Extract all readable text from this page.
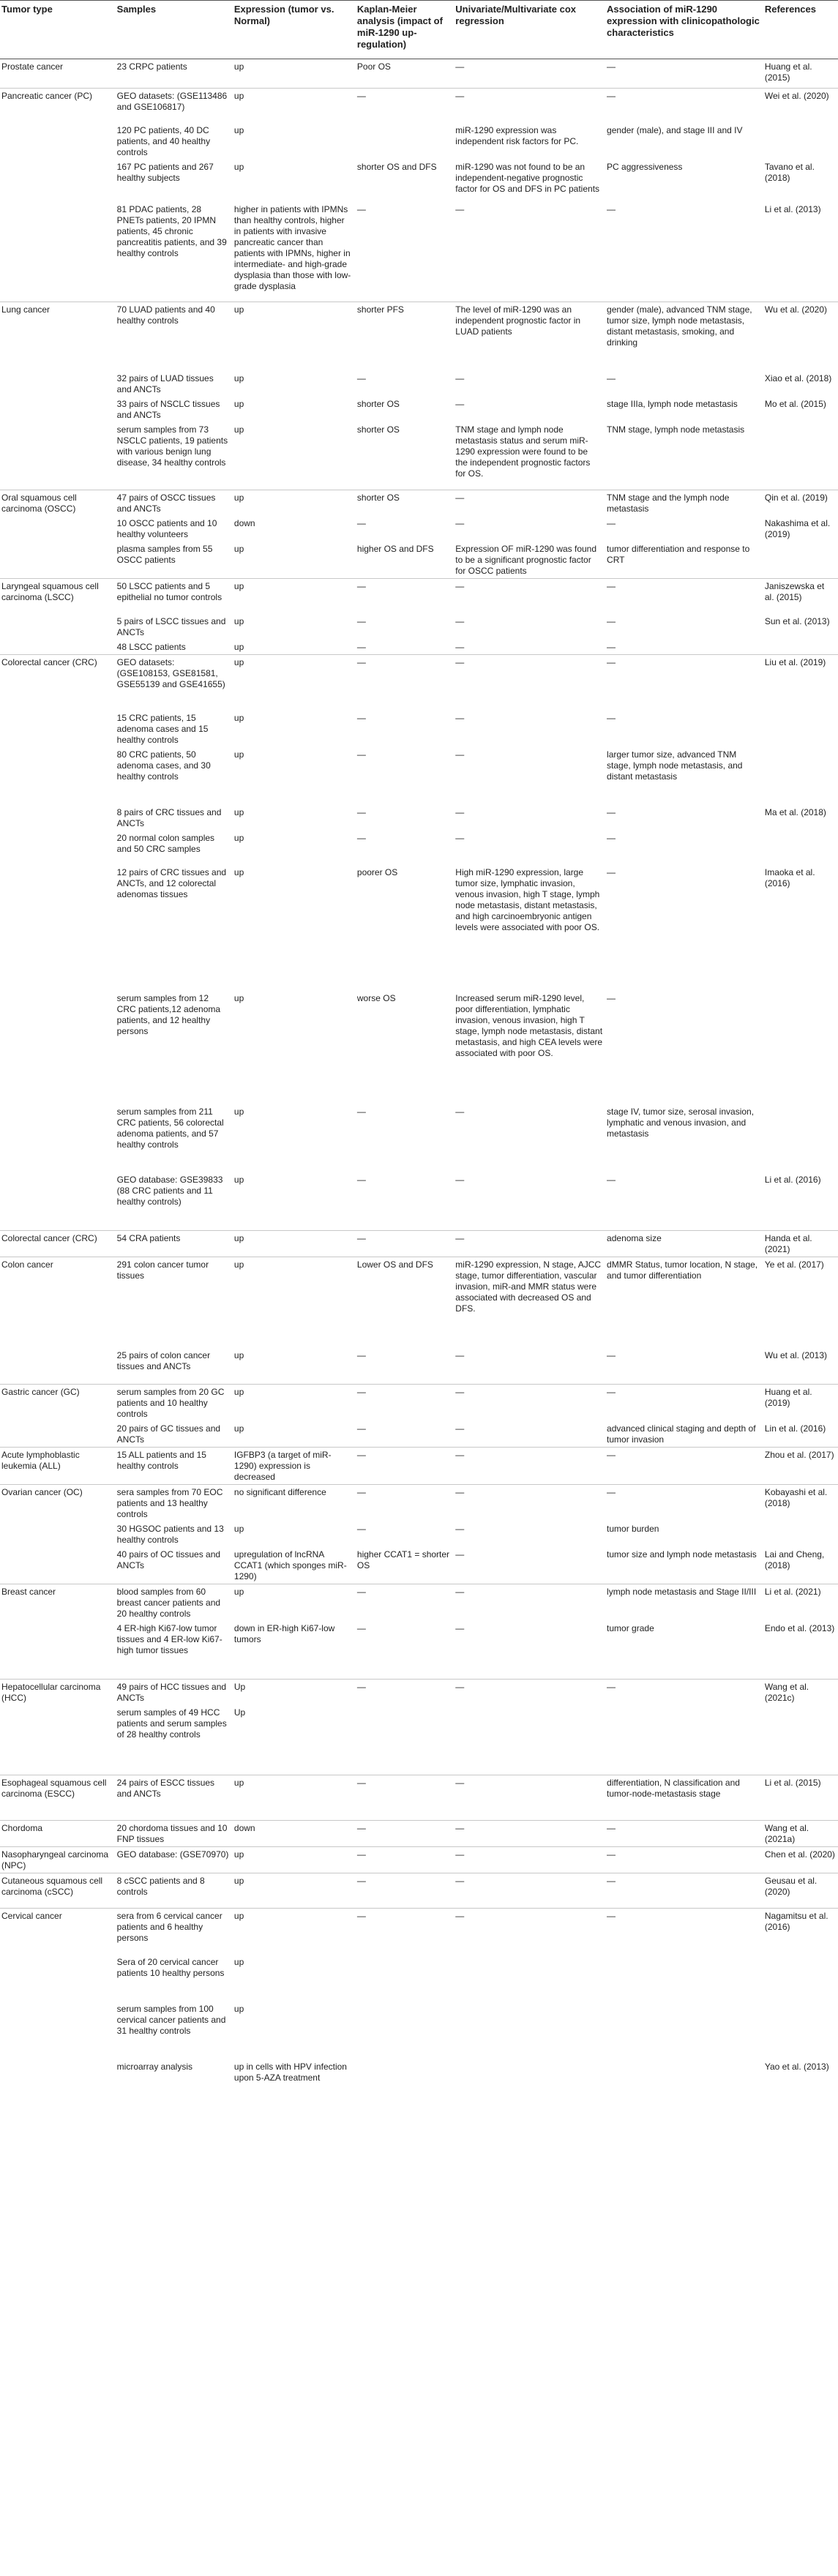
Tumor type	Samples	Expression (tumor vs. Normal)	Kaplan-Meier analysis (impact of miR-1290 up-regulation)	Univariate/Multivariate cox regression	Association of miR-1290 expression with clinicopathologic characteristics	References
Prostate cancer	23 CRPC patients	up	Poor OS	—	—	Huang et al. (2015)
Pancreatic cancer (PC)	GEO datasets: (GSE113486 and GSE106817)	up	—	—	—	Wei et al. (2020)
	120 PC patients, 40 DC patients, and 40 healthy controls	up		miR-1290 expression was independent risk factors for PC.	gender (male), and stage III and IV	
	167 PC patients and 267 healthy subjects	up	shorter OS and DFS	miR-1290 was not found to be an independent-negative prognostic factor for OS and DFS in PC patients	PC aggressiveness	Tavano et al. (2018)
	81 PDAC patients, 28 PNETs patients, 20 IPMN patients, 45 chronic pancreatitis patients, and 39 healthy controls	higher in patients with IPMNs than healthy controls, higher in patients with invasive pancreatic cancer than patients with IPMNs, higher in intermediate- and high-grade dysplasia than those with low-grade dysplasia	—	—	—	Li et al. (2013)
Lung cancer	70 LUAD patients and 40 healthy controls	up	shorter PFS	The level of miR-1290 was an independent prognostic factor in LUAD patients	gender (male), advanced TNM stage, tumor size, lymph node metastasis, distant metastasis, smoking, and drinking	Wu et al. (2020)
	32 pairs of LUAD tissues and ANCTs	up	—	—	—	Xiao et al. (2018)
	33 pairs of NSCLC tissues and ANCTs	up	shorter OS	—	stage IIIa, lymph node metastasis	Mo et al. (2015)
	serum samples from 73 NSCLC patients, 19 patients with various benign lung disease, 34 healthy controls	up	shorter OS	TNM stage and lymph node metastasis status and serum miR-1290 expression were found to be the independent prognostic factors for OS.	TNM stage, lymph node metastasis	
Oral squamous cell carcinoma (OSCC)	47 pairs of OSCC tissues and ANCTs	up	shorter OS	—	TNM stage and the lymph node metastasis	Qin et al. (2019)
	10 OSCC patients and 10 healthy volunteers	down	—	—	—	Nakashima et al. (2019)
	plasma samples from 55 OSCC patients	up	higher OS and DFS	Expression OF miR-1290 was found to be a significant prognostic factor for OSCC patients	tumor differentiation and response to CRT	
Laryngeal squamous cell carcinoma (LSCC)	50 LSCC patients and 5 epithelial no tumor controls	up	—	—	—	Janiszewska et al. (2015)
	5 pairs of LSCC tissues and ANCTs	up	—	—	—	Sun et al. (2013)
	48 LSCC patients	up	—	—	—	
Colorectal cancer (CRC)	GEO datasets: (GSE108153, GSE81581, GSE55139 and GSE41655)	up	—	—	—	Liu et al. (2019)
	15 CRC patients, 15 adenoma cases and 15 healthy controls	up	—	—	—	
	80 CRC patients, 50 adenoma cases, and 30 healthy controls	up	—	—	larger tumor size, advanced TNM stage, lymph node metastasis, and distant metastasis	
	8 pairs of CRC tissues and ANCTs	up	—	—	—	Ma et al. (2018)
	20 normal colon samples and 50 CRC samples	up	—	—	—	
	12 pairs of CRC tissues and ANCTs, and 12 colorectal adenomas tissues	up	poorer OS	High miR-1290 expression, large tumor size, lymphatic invasion, venous invasion, high T stage, lymph node metastasis, distant metastasis, and high carcinoembryonic antigen levels were associated with poor OS.	—	Imaoka et al. (2016)
	serum samples from 12 CRC patients,12 adenoma patients, and 12 healthy persons	up	worse OS	Increased serum miR-1290 level, poor differentiation, lymphatic invasion, venous invasion, high T stage, lymph node metastasis, distant metastasis, and high CEA levels were associated with poor OS.	—	
	serum samples from 211 CRC patients, 56 colorectal adenoma patients, and 57 healthy controls	up	—	—	stage IV, tumor size, serosal invasion, lymphatic and venous invasion, and metastasis	
	GEO database: GSE39833 (88 CRC patients and 11 healthy controls)	up	—	—	—	Li et al. (2016)
Colorectal cancer (CRC)	54 CRA patients	up	—	—	adenoma size	Handa et al. (2021)
Colon cancer	291 colon cancer tumor tissues	up	Lower OS and DFS	miR-1290 expression, N stage, AJCC stage, tumor differentiation, vascular invasion, miR-and MMR status were associated with decreased OS and DFS.	dMMR Status, tumor location, N stage, and tumor differentiation	Ye et al. (2017)
	25 pairs of colon cancer tissues and ANCTs	up	—	—	—	Wu et al. (2013)
Gastric cancer (GC)	serum samples from 20 GC patients and 10 healthy controls	up	—	—	—	Huang et al. (2019)
	20 pairs of GC tissues and ANCTs	up	—	—	advanced clinical staging and depth of tumor invasion	Lin et al. (2016)
Acute lymphoblastic leukemia (ALL)	15 ALL patients and 15 healthy controls	IGFBP3 (a target of miR-1290) expression is decreased	—	—	—	Zhou et al. (2017)
Ovarian cancer (OC)	sera samples from 70 EOC patients and 13 healthy controls	no significant difference	—	—	—	Kobayashi et al. (2018)
	30 HGSOC patients and 13 healthy controls	up	—	—	tumor burden	
	40 pairs of OC tissues and ANCTs	upregulation of lncRNA CCAT1 (which sponges miR-1290)	higher CCAT1 = shorter OS	—	tumor size and lymph node metastasis	Lai and Cheng, (2018)
Breast cancer	blood samples from 60 breast cancer patients and 20 healthy controls	up	—	—	lymph node metastasis and Stage II/III	Li et al. (2021)
	4 ER-high Ki67-low tumor tissues and 4 ER-low Ki67-high tumor tissues	down in ER-high Ki67-low tumors	—	—	tumor grade	Endo et al. (2013)
Hepatocellular carcinoma (HCC)	49 pairs of HCC tissues and ANCTs	Up	—	—	—	Wang et al. (2021c)
	serum samples of 49 HCC patients and serum samples of 28 healthy controls	Up				
Esophageal squamous cell carcinoma (ESCC)	24 pairs of ESCC tissues and ANCTs	up	—	—	differentiation, N classification and tumor-node-metastasis stage	Li et al. (2015)
Chordoma	20 chordoma tissues and 10 FNP tissues	down	—	—	—	Wang et al. (2021a)
Nasopharyngeal carcinoma (NPC)	GEO database: (GSE70970)	up	—	—	—	Chen et al. (2020)
Cutaneous squamous cell carcinoma (cSCC)	8 cSCC patients and 8 controls	up	—	—	—	Geusau et al. (2020)
Cervical cancer	sera from 6 cervical cancer patients and 6 healthy persons	up	—	—	—	Nagamitsu et al. (2016)
	Sera of 20 cervical cancer patients 10 healthy persons	up				
	serum samples from 100 cervical cancer patients and 31 healthy controls	up				
	microarray analysis	up in cells with HPV infection upon 5-AZA treatment				Yao et al. (2013)
